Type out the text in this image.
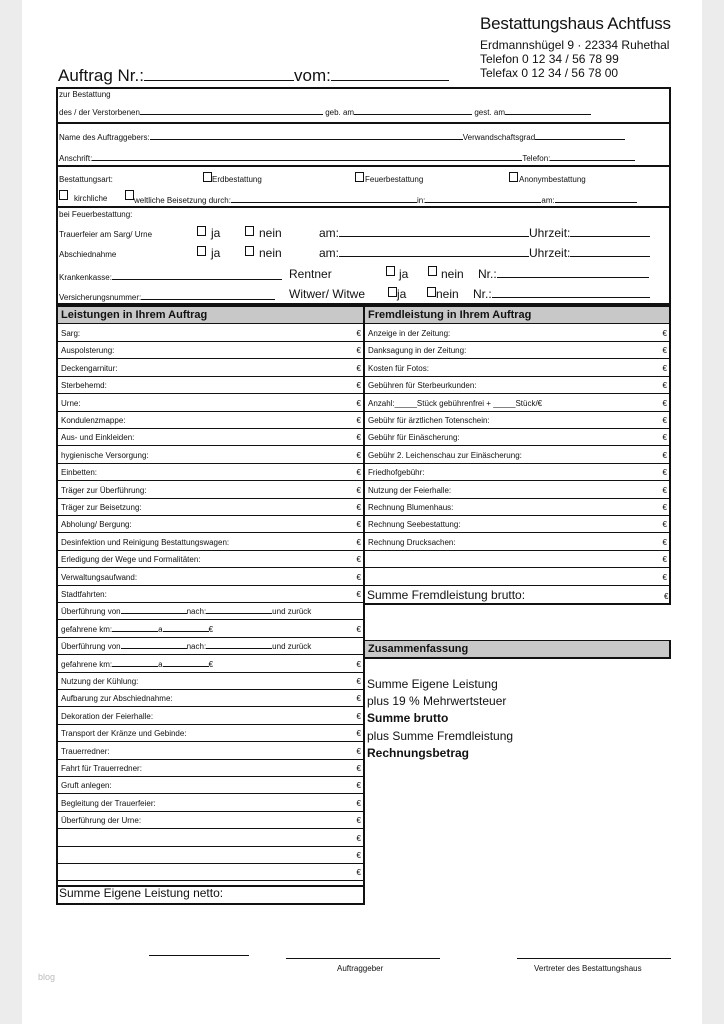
Bestattungshaus Achtfuss
Erdmannshügel 9 · 22334 Ruhethal
Telefon 0 12 34 / 56 78 99
Telefax 0 12 34 / 56 78 00
Auftrag Nr.:	vom:
zur Bestattung
des / der Verstorbenen	geb. am	gest. am
Name des Auftraggebers:	Verwandschaftsgrad
Anschrift:	Telefon:
Bestattungsart:	Erdbestattung	Feuerbestattung	Anonymbestattung
kirchliche	weltliche Beisetzung durch:	in:	am:
bei Feuerbestattung:
Trauerfeier am Sarg/ Urne	ja	nein	am:	Uhrzeit:
Abschiednahme	ja	nein	am:	Uhrzeit:
Krankenkasse:	Rentner	ja	nein Nr.:
Versicherungsnummer:	Witwer/ Witwe	ja nein Nr.:
Leistungen in Ihrem Auftrag
Summe Eigene Leistung netto:
Fremdleistung in Ihrem Auftrag
Summe Fremdleistung brutto:	€
Zusammenfassung
Summe Eigene Leistung
plus 19 % Mehrwertsteuer
Summe brutto
plus Summe Fremdleistung
Rechnungsbetrag
Auftraggeber	Vertreter des Bestattungshaus
blog
Sarg:	€
Auspolsterung:	€
Deckengarnitur:	€
Sterbehemd:	€
Urne:	€
Kondulenzmappe:	€
Aus- und Einkleiden:	€
hygienische Versorgung:	€
Einbetten:	€
Träger zur Überführung:	€
Träger zur Beisetzung:	€
Abholung/ Bergung:	€
Desinfektion und Reinigung Bestattungswagen:	€
Erledigung der Wege und Formalitäten:	€
Verwaltungsaufwand:	€
Stadtfahrten:	€
Überführung von	nach:	und zurück
gefahrene km:	a	€	€
Überführung von	nach:	und zurück
gefahrene km:	a	€	€
Nutzung der Kühlung:	€
Aufbarung zur Abschiednahme:	€
Dekoration der Feierhalle:	€
Transport der Kränze und Gebinde:	€
Trauerredner:	€
Fahrt für Trauerredner:	€
Gruft anlegen:	€
Begleitung der Trauerfeier:	€
Überführung der Urne:	€
€
€
€
Anzeige in der Zeitung:	€
Danksagung in der Zeitung:	€
Kosten für Fotos:	€
Gebühren für Sterbeurkunden:	€
Anzahl:_____Stück gebührenfrei + _____Stück/€	€
Gebühr für ärztlichen Totenschein:	€
Gebühr für Einäscherung:	€
Gebühr 2. Leichenschau zur Einäscherung:	€
Friedhofgebühr:	€
Nutzung der Feierhalle:	€
Rechnung Blumenhaus:	€
Rechnung Seebestattung:	€
Rechnung Drucksachen:	€
€
€
